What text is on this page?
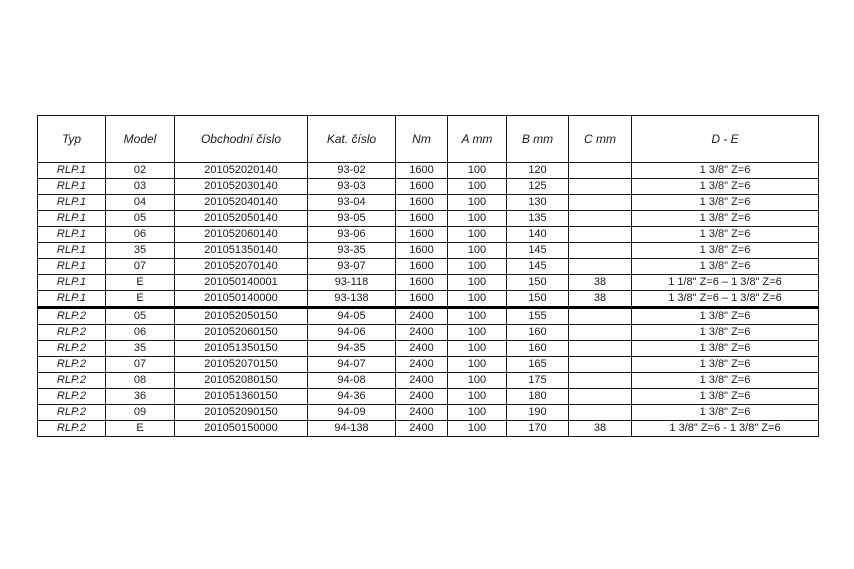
Typ	Model	Obchodní číslo	Kat. číslo	Nm	A mm	B mm	C mm	D - E
RLP.1	02	201052020140	93-02	1600	100	120		1 3/8" Z=6
RLP.1	03	201052030140	93-03	1600	100	125		1 3/8" Z=6
RLP.1	04	201052040140	93-04	1600	100	130		1 3/8" Z=6
RLP.1	05	201052050140	93-05	1600	100	135		1 3/8" Z=6
RLP.1	06	201052060140	93-06	1600	100	140		1 3/8" Z=6
RLP.1	35	201051350140	93-35	1600	100	145		1 3/8" Z=6
RLP.1	07	201052070140	93-07	1600	100	145		1 3/8" Z=6
RLP.1	E	201050140001	93-118	1600	100	150	38	1 1/8" Z=6 – 1 3/8" Z=6
RLP.1	E	201050140000	93-138	1600	100	150	38	1 3/8" Z=6 – 1 3/8" Z=6
RLP.2	05	201052050150	94-05	2400	100	155		1 3/8" Z=6
RLP.2	06	201052060150	94-06	2400	100	160		1 3/8" Z=6
RLP.2	35	201051350150	94-35	2400	100	160		1 3/8" Z=6
RLP.2	07	201052070150	94-07	2400	100	165		1 3/8" Z=6
RLP.2	08	201052080150	94-08	2400	100	175		1 3/8" Z=6
RLP.2	36	201051360150	94-36	2400	100	180		1 3/8" Z=6
RLP.2	09	201052090150	94-09	2400	100	190		1 3/8" Z=6
RLP.2	E	201050150000	94-138	2400	100	170	38	1 3/8" Z=6 - 1 3/8" Z=6
